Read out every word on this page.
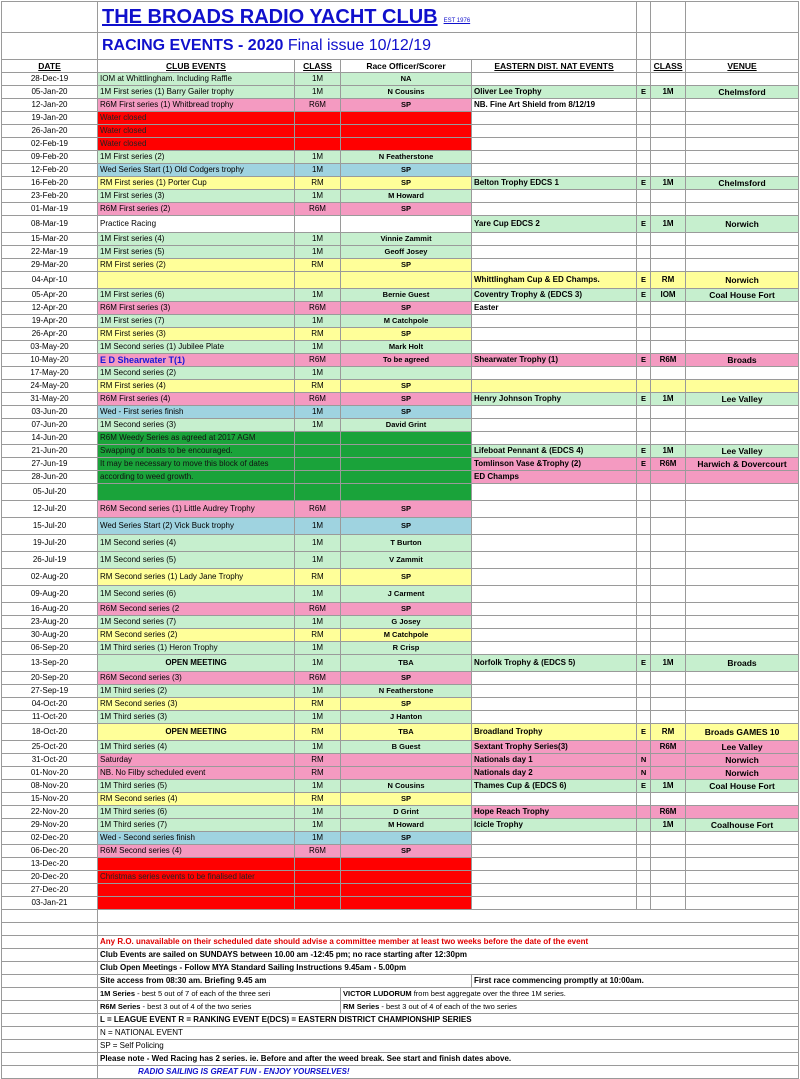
	THE BROADS RADIO YACHT CLUB EST 1976						
	RACING EVENTS - 2020 Final issue 10/12/19						
DATE	CLUB EVENTS	CLASS	Race Officer/Scorer	EASTERN DIST. NAT EVENTS		CLASS	VENUE
28-Dec-19	IOM at Whittlingham. Including Raffle	1M	NA				
05-Jan-20	1M First series (1) Barry Gailer trophy	1M	N Cousins	Oliver Lee Trophy	E	1M	Chelmsford
12-Jan-20	R6M First series (1) Whitbread trophy	R6M	SP	NB. Fine Art Shield from 8/12/19			
19-Jan-20	Water closed						
26-Jan-20	Water closed						
02-Feb-19	Water closed						
09-Feb-20	1M First series (2)	1M	N Featherstone				
12-Feb-20	Wed Series Start (1) Old Codgers trophy	1M	SP				
16-Feb-20	RM First series (1) Porter Cup	RM	SP	Belton Trophy EDCS 1	E	1M	Chelmsford
23-Feb-20	1M First series (3)	1M	M Howard				
01-Mar-19	R6M First series (2)	R6M	SP				
08-Mar-19	Practice Racing			Yare Cup EDCS 2	E	1M	Norwich
15-Mar-20	1M First series (4)	1M	Vinnie Zammit				
22-Mar-19	1M First series (5)	1M	Geoff Josey				
29-Mar-20	RM First series (2)	RM	SP				
04-Apr-10				Whittlingham Cup & ED Champs.	E	RM	Norwich
05-Apr-20	1M First series (6)	1M	Bernie Guest	Coventry Trophy & (EDCS 3)	E	IOM	Coal House Fort
12-Apr-20	R6M First series (3)	R6M	SP	Easter			
19-Apr-20	1M First series (7)	1M	M Catchpole				
26-Apr-20	RM First series (3)	RM	SP				
03-May-20	1M Second series (1) Jubilee Plate	1M	Mark Holt				
10-May-20	E D Shearwater T(1)	R6M	To be agreed	Shearwater Trophy (1)	E	R6M	Broads
17-May-20	1M Second series (2)	1M					
24-May-20	RM First series (4)	RM	SP				
31-May-20	R6M First series (4)	R6M	SP	Henry Johnson Trophy	E	1M	Lee Valley
03-Jun-20	Wed - First series finish	1M	SP				
07-Jun-20	1M Second series (3)	1M	David Grint				
14-Jun-20	R6M Weedy Series as agreed at 2017 AGM						
21-Jun-20	Swapping of boats to be encouraged.			Lifeboat Pennant & (EDCS 4)	E	1M	Lee Valley
27-Jun-19	It may be necessary to move this block of dates			Tomlinson Vase &Trophy (2)	E	R6M	Harwich & Dovercourt
28-Jun-20	according to weed growth.			ED Champs			
05-Jul-20							
12-Jul-20	R6M Second series (1) Little Audrey Trophy	R6M	SP				
15-Jul-20	Wed Series Start (2) Vick Buck trophy	1M	SP				
19-Jul-20	1M Second series (4)	1M	T Burton				
26-Jul-19	1M Second series (5)	1M	V Zammit				
02-Aug-20	RM Second series (1) Lady Jane Trophy	RM	SP				
09-Aug-20	1M Second series (6)	1M	J Carment				
16-Aug-20	R6M Second series (2	R6M	SP				
23-Aug-20	1M Second series (7)	1M	G Josey				
30-Aug-20	RM Second series (2)	RM	M Catchpole				
06-Sep-20	1M Third series (1) Heron Trophy	1M	R Crisp				
13-Sep-20	OPEN MEETING	1M	TBA	Norfolk Trophy & (EDCS 5)	E	1M	Broads
20-Sep-20	R6M Second series (3)	R6M	SP				
27-Sep-19	1M Third series (2)	1M	N Featherstone				
04-Oct-20	RM Second series (3)	RM	SP				
11-Oct-20	1M Third series (3)	1M	J Hanton				
18-Oct-20	OPEN MEETING	RM	TBA	Broadland Trophy	E	RM	Broads GAMES 10
25-Oct-20	1M Third series (4)	1M	B Guest	Sextant Trophy Series(3)		R6M	Lee Valley
31-Oct-20	Saturday	RM		Nationals day 1	N		Norwich
01-Nov-20	NB. No Filby scheduled event	RM		Nationals day 2	N		Norwich
08-Nov-20	1M Third series (5)	1M	N Cousins	Thames Cup & (EDCS 6)	E	1M	Coal House Fort
15-Nov-20	RM Second series (4)	RM	SP				
22-Nov-20	1M Third series (6)	1M	D Grint	Hope Reach Trophy		R6M	
29-Nov-20	1M Third series (7)	1M	M Howard	Icicle Trophy		1M	Coalhouse Fort
02-Dec-20	Wed - Second series finish	1M	SP				
06-Dec-20	R6M Second series (4)	R6M	SP				
13-Dec-20							
20-Dec-20	Christmas series events to be finalised later						
27-Dec-20							
03-Jan-21							

	Any R.O. unavailable on their scheduled date should advise a committee member at least two weeks before the date of the event						
	Club Events are sailed on SUNDAYS between 10.00 am -12:45 pm; no race starting after 12:30pm						
	Club Open Meetings - Follow MYA Standard Sailing Instructions 9.45am - 5.00pm						
	Site access from 08:30 am. Briefing 9.45 am			First race commencing promptly at 10:00am.			
	1M Series - best 5 out of 7 of each of the three seri		VICTOR LUDORUM from best aggregate over the three 1M series.				
	R6M Series - best 3 out of 4 of the two series		RM Series - best 3 out of 4 of each of the two series				
	L = LEAGUE EVENT R = RANKING EVENT E(DCS) = EASTERN DISTRICT CHAMPIONSHIP SERIES						
	N = NATIONAL EVENT						
	SP = Self Policing						
	Please note - Wed Racing has 2 series. ie. Before and after the weed break. See start and finish dates above.						
	RADIO SAILING IS GREAT FUN - ENJOY YOURSELVES!						
